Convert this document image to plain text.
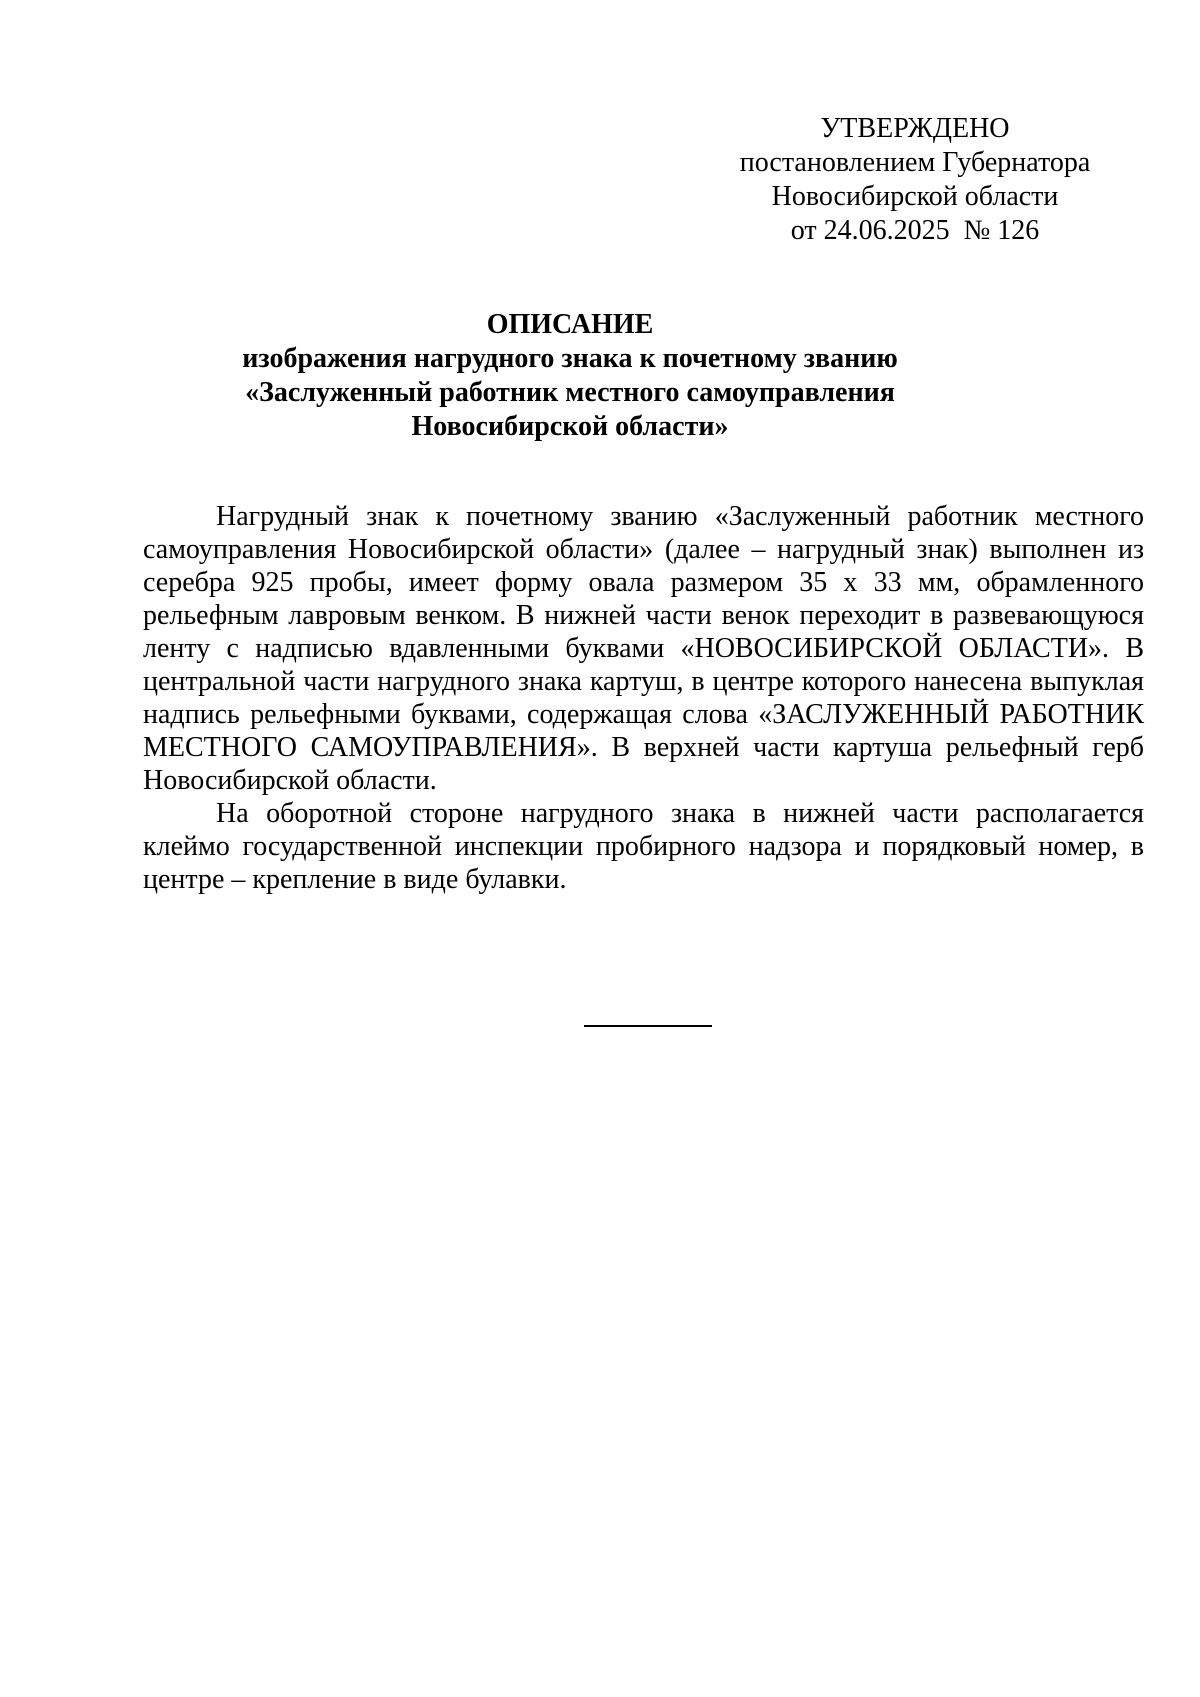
УТВЕРЖДЕНО
постановлением Губернатора
Новосибирской области
от 24.06.2025  № 126
ОПИСАНИЕ
изображения нагрудного знака к почетному званию
«Заслуженный работник местного самоуправления
Новосибирской области»

Нагрудный знак к почетному званию «Заслуженный работник местного самоуправления Новосибирской области» (далее – нагрудный знак) выполнен из серебра 925 пробы, имеет форму овала размером 35 х 33 мм, обрамленного рельефным лавровым венком. В нижней части венок переходит в развевающуюся ленту с надписью вдавленными буквами «НОВОСИБИРСКОЙ ОБЛАСТИ». В центральной части нагрудного знака картуш, в центре которого нанесена выпуклая надпись рельефными буквами, содержащая слова «ЗАСЛУЖЕННЫЙ РАБОТНИК МЕСТНОГО САМОУПРАВЛЕНИЯ». В верхней части картуша рельефный герб Новосибирской области.

На оборотной стороне нагрудного знака в нижней части располагается клеймо государственной инспекции пробирного надзора и порядковый номер, в центре – крепление в виде булавки.
